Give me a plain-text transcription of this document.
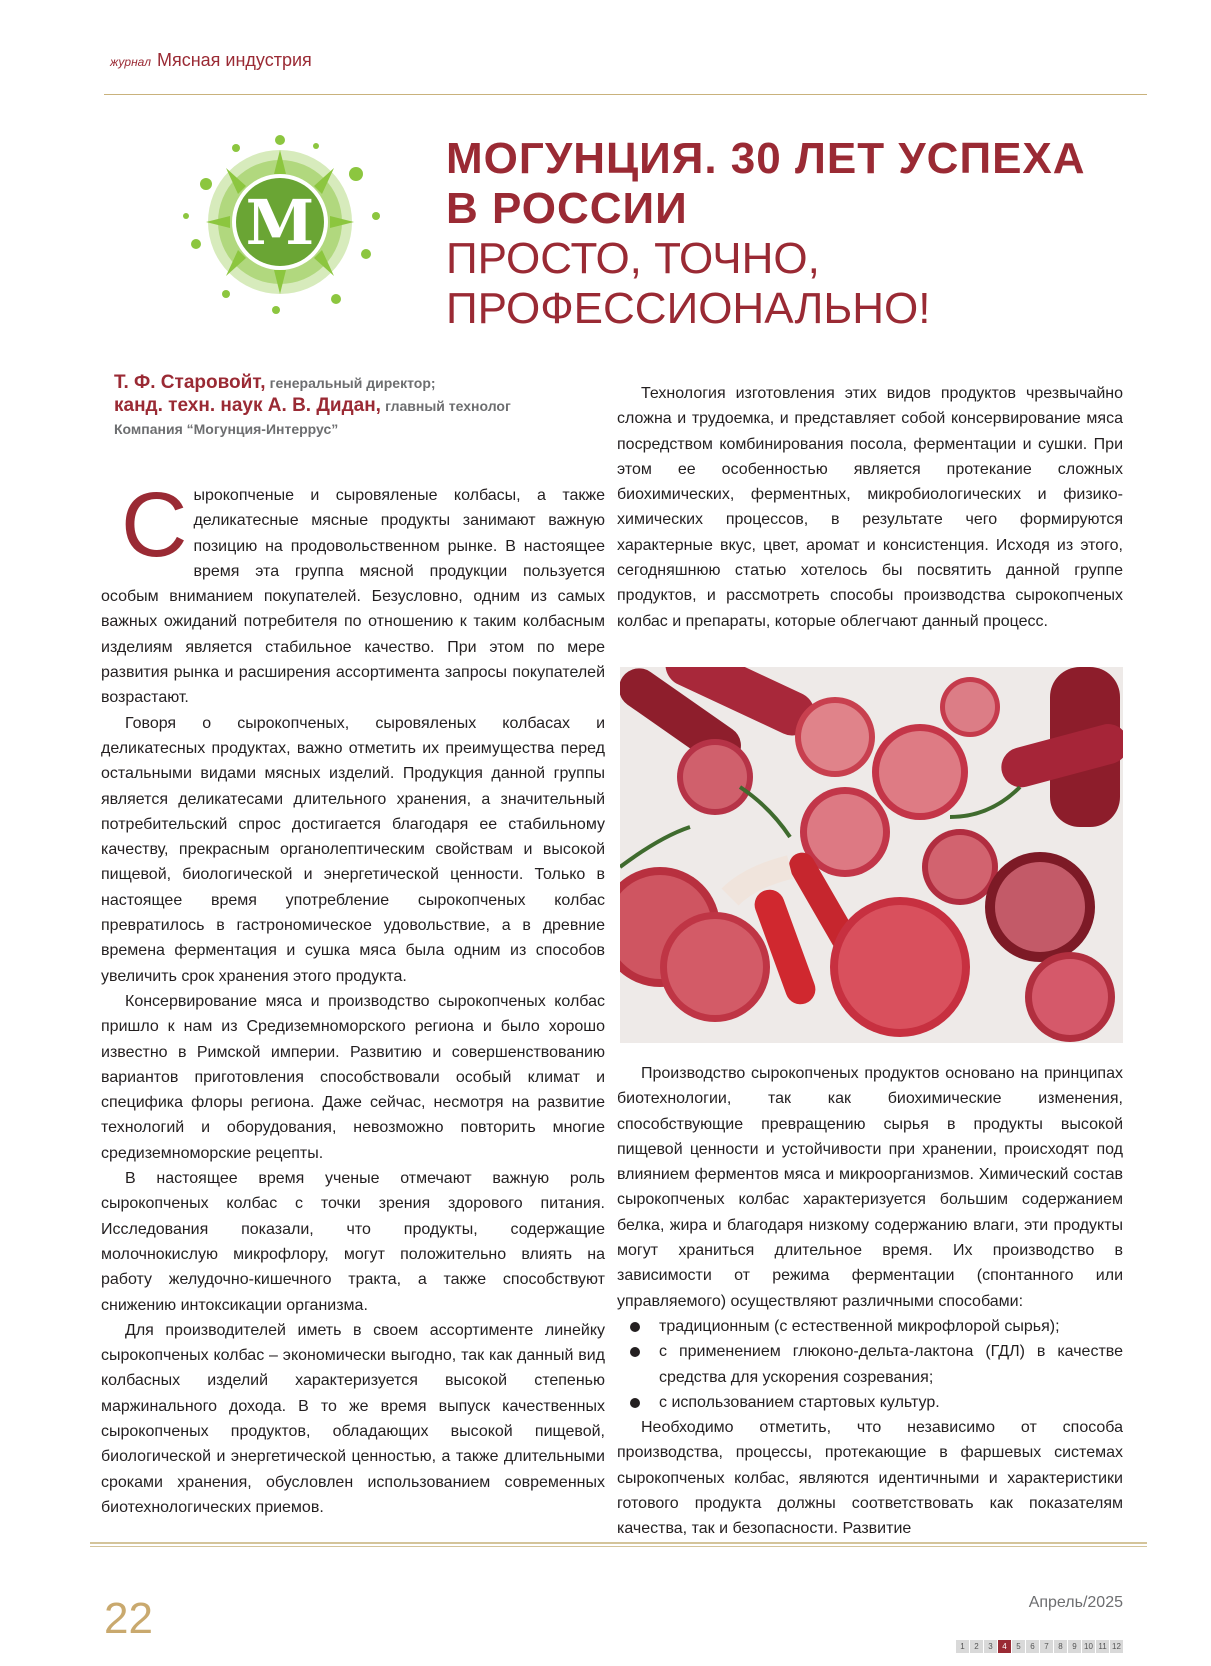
журнал Мясная индустрия
M
МОГУНЦИЯ. 30 ЛЕТ УСПЕХА
В РОССИИ
ПРОСТО, ТОЧНО,
ПРОФЕССИОНАЛЬНО!
Т. Ф. Старовойт, генеральный директор;
канд. техн. наук А. В. Дидан, главный технолог
Компания “Могунция-Интеррус”

Сырокопченые и сыровяленые колбасы, а также деликатесные мясные продукты занимают важную позицию на продовольственном рынке. В настоящее время эта группа мясной продукции пользуется особым вниманием покупателей. Безусловно, одним из самых важных ожиданий потребителя по отношению к таким колбасным изделиям является стабильное качество. При этом по мере развития рынка и расширения ассортимента запросы покупателей возрастают.

Говоря о сырокопченых, сыровяленых колбасах и деликатесных продуктах, важно отметить их преимущества перед остальными видами мясных изделий. Продукция данной группы является деликатесами длительного хранения, а значительный потребительский спрос достигается благодаря ее стабильному качеству, прекрасным органолептическим свойствам и высокой пищевой, биологической и энергетической ценности. Только в настоящее время употребление сырокопченых колбас превратилось в гастрономическое удовольствие, а в древние времена ферментация и сушка мяса была одним из способов увеличить срок хранения этого продукта.

Консервирование мяса и производство сырокопченых колбас пришло к нам из Средиземноморского региона и было хорошо известно в Римской империи. Развитию и совершенствованию вариантов приготовления способствовали особый климат и специфика флоры региона. Даже сейчас, несмотря на развитие технологий и оборудования, невозможно повторить многие средиземноморские рецепты.

В настоящее время ученые отмечают важную роль сырокопченых колбас с точки зрения здорового питания. Исследования показали, что продукты, содержащие молочнокислую микрофлору, могут положительно влиять на работу желудочно-кишечного тракта, а также способствуют снижению интоксикации организма.

Для производителей иметь в своем ассортименте линейку сырокопченых колбас – экономически выгодно, так как данный вид колбасных изделий характеризуется высокой степенью маржинального дохода. В то же время выпуск качественных сырокопченых продуктов, обладающих высокой пищевой, биологической и энергетической ценностью, а также длительными сроками хранения, обусловлен использованием современных биотехнологических приемов.

Технология изготовления этих видов продуктов чрезвычайно сложна и трудоемка, и представляет собой консервирование мяса посредством комбинирования посола, ферментации и сушки. При этом ее особенностью является протекание сложных биохимических, ферментных, микробиологических и физико-химических процессов, в результате чего формируются характерные вкус, цвет, аромат и консистенция. Исходя из этого, сегодняшнюю статью хотелось бы посвятить данной группе продуктов, и рассмотреть способы производства сырокопченых колбас и препараты, которые облегчают данный процесс.

Производство сырокопченых продуктов основано на принципах биотехнологии, так как биохимические изменения, способствующие превращению сырья в продукты высокой пищевой ценности и устойчивости при хранении, происходят под влиянием ферментов мяса и микроорганизмов. Химический состав сырокопченых колбас характеризуется большим содержанием белка, жира и благодаря низкому содержанию влаги, эти продукты могут храниться длительное время. Их производство в зависимости от режима ферментации (спонтанного или управляемого) осуществляют различными способами:

традиционным (с естественной микрофлорой сырья);
с применением глюконо-дельта-лактона (ГДЛ) в качестве средства для ускорения созревания;
с использованием стартовых культур.

Необходимо отметить, что независимо от способа производства, процессы, протекающие в фаршевых системах сырокопченых колбас, являются идентичными и характеристики готового продукта должны соответствовать как показателям качества, так и безопасности. Развитие

22	Апрель/2025
1	2	3	4	5	6	7	8	9 10 11 12
